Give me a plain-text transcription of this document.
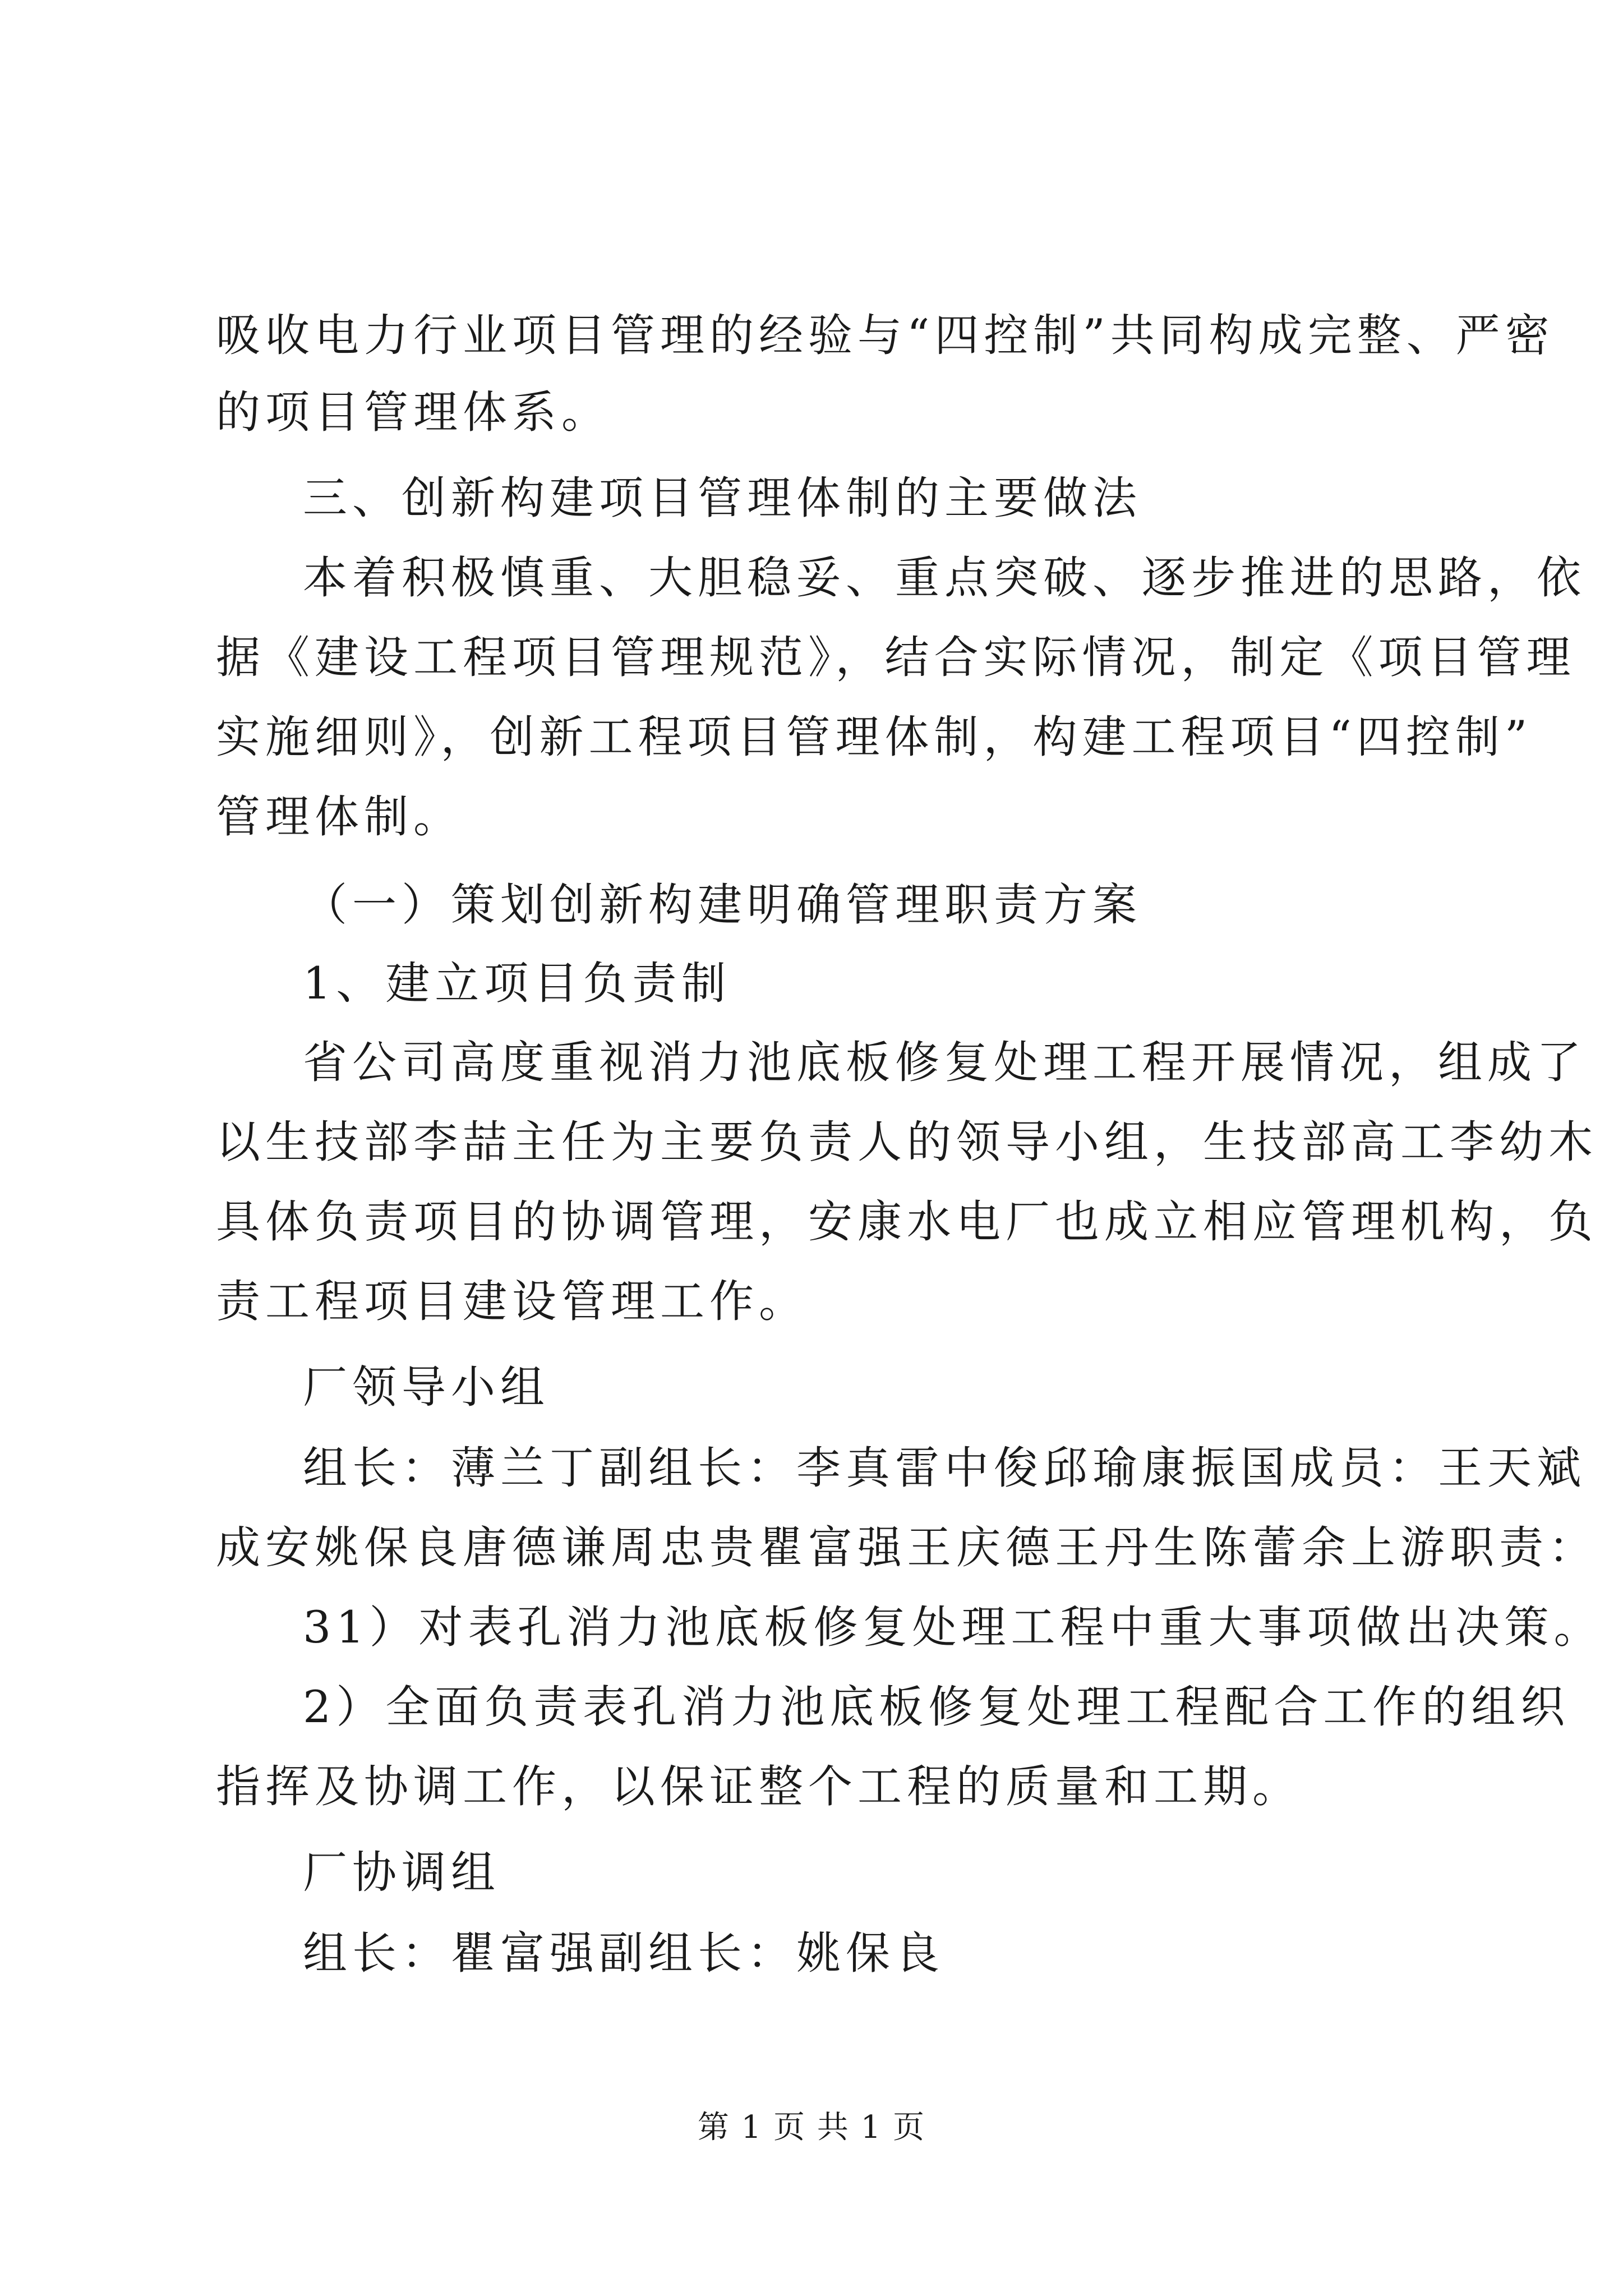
吸收电力行业项目管理的经验与“四控制”共同构成完整、严密
的项目管理体系。
三、创新构建项目管理体制的主要做法
本着积极慎重、大胆稳妥、重点突破、逐步推进的思路，依
据《建设工程项目管理规范》，结合实际情况，制定《项目管理
实施细则》，创新工程项目管理体制，构建工程项目“四控制”
管理体制。
（一）策划创新构建明确管理职责方案
1、建立项目负责制
省公司高度重视消力池底板修复处理工程开展情况，组成了
以生技部李喆主任为主要负责人的领导小组，生技部高工李幼木
具体负责项目的协调管理，安康水电厂也成立相应管理机构，负
责工程项目建设管理工作。
厂领导小组
组长：薄兰丁副组长：李真雷中俊邱瑜康振国成员：王天斌
成安姚保良唐德谦周忠贵瞿富强王庆德王丹生陈蕾余上游职责：
31）对表孔消力池底板修复处理工程中重大事项做出决策。
2）全面负责表孔消力池底板修复处理工程配合工作的组织
指挥及协调工作，以保证整个工程的质量和工期。
厂协调组
组长：瞿富强副组长：姚保良
第 1 页 共 1 页
